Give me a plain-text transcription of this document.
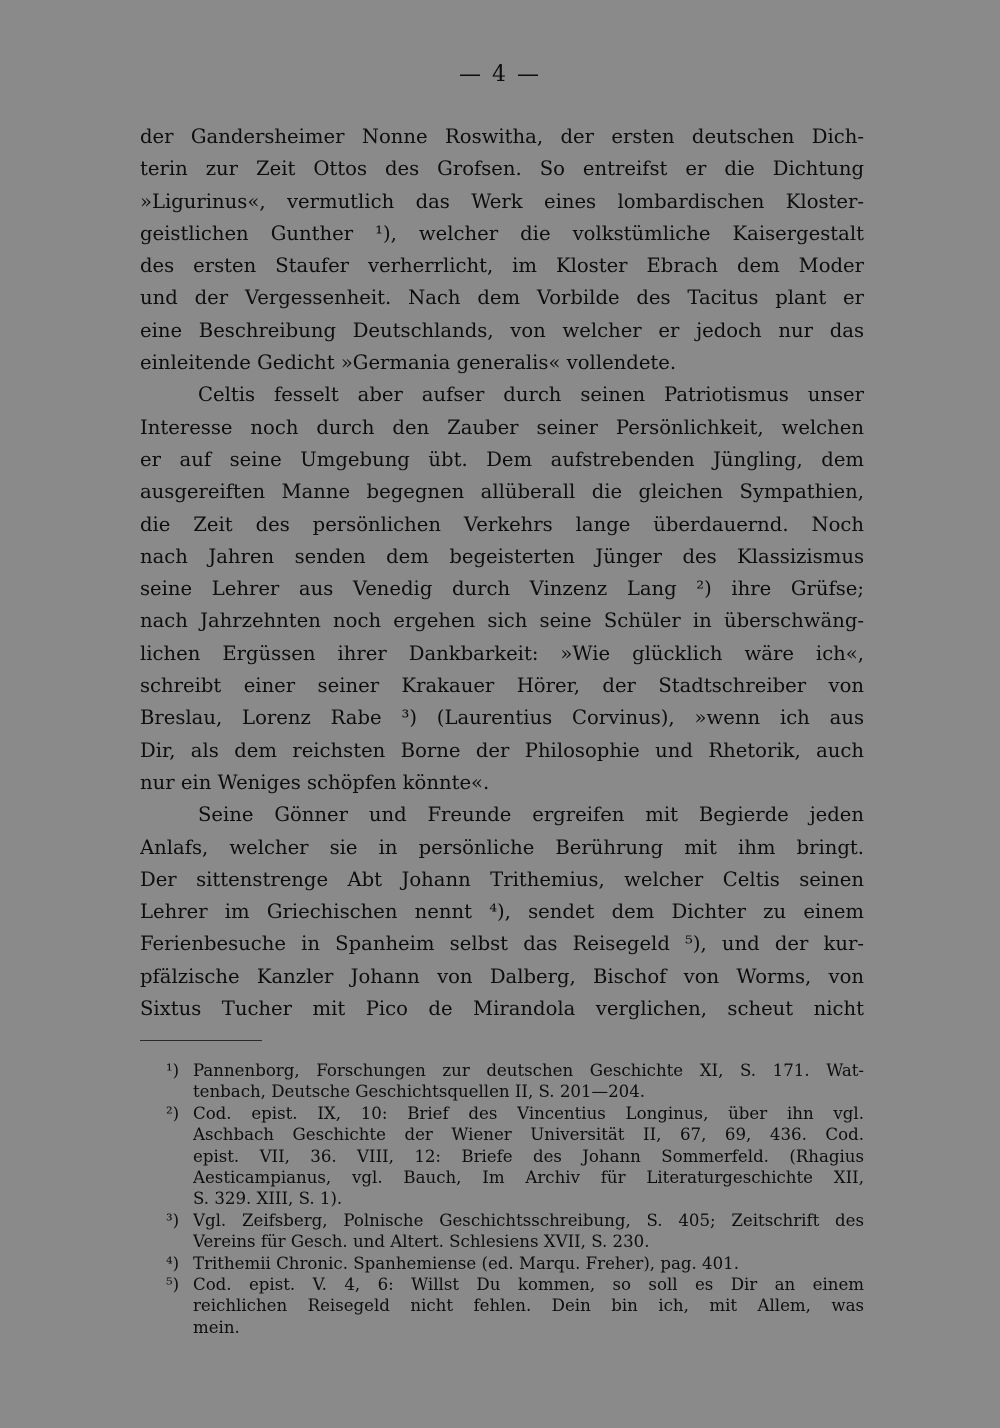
— 4 —
der Gandersheimer Nonne Roswitha, der ersten deutschen Dich-
terin zur Zeit Ottos des Grofsen. So entreifst er die Dichtung
»Ligurinus«, vermutlich das Werk eines lombardischen Kloster-
geistlichen Gunther ¹), welcher die volkstümliche Kaisergestalt
des ersten Staufer verherrlicht, im Kloster Ebrach dem Moder
und der Vergessenheit. Nach dem Vorbilde des Tacitus plant er
eine Beschreibung Deutschlands, von welcher er jedoch nur das
einleitende Gedicht »Germania generalis« vollendete.
Celtis fesselt aber aufser durch seinen Patriotismus unser
Interesse noch durch den Zauber seiner Persönlichkeit, welchen
er auf seine Umgebung übt. Dem aufstrebenden Jüngling, dem
ausgereiften Manne begegnen allüberall die gleichen Sympathien,
die Zeit des persönlichen Verkehrs lange überdauernd. Noch
nach Jahren senden dem begeisterten Jünger des Klassizismus
seine Lehrer aus Venedig durch Vinzenz Lang ²) ihre Grüfse;
nach Jahrzehnten noch ergehen sich seine Schüler in überschwäng-
lichen Ergüssen ihrer Dankbarkeit: »Wie glücklich wäre ich«,
schreibt einer seiner Krakauer Hörer, der Stadtschreiber von
Breslau, Lorenz Rabe ³) (Laurentius Corvinus), »wenn ich aus
Dir, als dem reichsten Borne der Philosophie und Rhetorik, auch
nur ein Weniges schöpfen könnte«.
Seine Gönner und Freunde ergreifen mit Begierde jeden
Anlafs, welcher sie in persönliche Berührung mit ihm bringt.
Der sittenstrenge Abt Johann Trithemius, welcher Celtis seinen
Lehrer im Griechischen nennt ⁴), sendet dem Dichter zu einem
Ferienbesuche in Spanheim selbst das Reisegeld ⁵), und der kur-
pfälzische Kanzler Johann von Dalberg, Bischof von Worms, von
Sixtus Tucher mit Pico de Mirandola verglichen, scheut nicht
¹) Pannenborg, Forschungen zur deutschen Geschichte XI, S. 171. Wat-
tenbach, Deutsche Geschichtsquellen II, S. 201—204.
²) Cod. epist. IX, 10: Brief des Vincentius Longinus, über ihn vgl.
Aschbach Geschichte der Wiener Universität II, 67, 69, 436. Cod.
epist. VII, 36. VIII, 12: Briefe des Johann Sommerfeld. (Rhagius
Aesticampianus, vgl. Bauch, Im Archiv für Literaturgeschichte XII,
S. 329. XIII, S. 1).
³) Vgl. Zeifsberg, Polnische Geschichtsschreibung, S. 405; Zeitschrift des
Vereins für Gesch. und Altert. Schlesiens XVII, S. 230.
⁴) Trithemii Chronic. Spanhemiense (ed. Marqu. Freher), pag. 401.
⁵) Cod. epist. V. 4, 6: Willst Du kommen, so soll es Dir an einem
reichlichen Reisegeld nicht fehlen. Dein bin ich, mit Allem, was
mein.
